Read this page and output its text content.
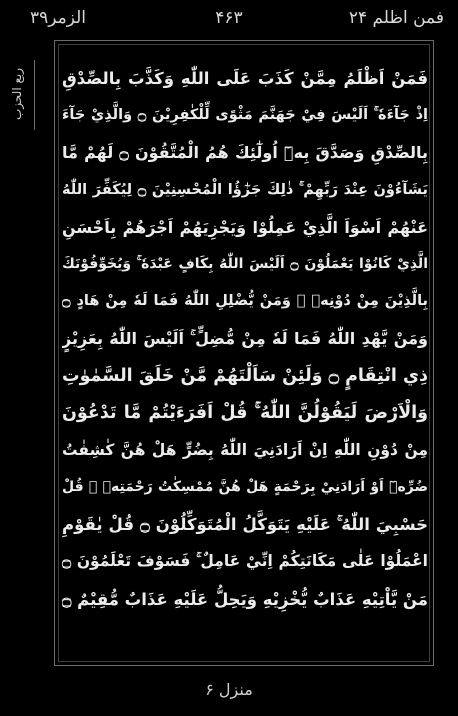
فمن اظلم ۲۴
۴۶۳
الزمر۳۹
ربع الحزب	فَمَنْ اَظْلَمُ مِمَّنْ كَذَبَ عَلَى اللّٰهِ وَكَذَّبَ بِالصِّدْقِ
اِذْ جَآءَهٗ ۚ اَلَيْسَ فِيْ جَهَنَّمَ مَثْوًى لِّلْكٰفِرِيْنَ ۝ وَالَّذِيْ جَآءَ
بِالصِّدْقِ وَصَدَّقَ بِهٖٓ اُولٰٓئِكَ هُمُ الْمُتَّقُوْنَ ۝ لَهُمْ مَّا
يَشَآءُوْنَ عِنْدَ رَبِّهِمْ ۚ ذٰلِكَ جَزٰٓؤُا الْمُحْسِنِيْنَ ۝ لِيُكَفِّرَ اللّٰهُ
عَنْهُمْ اَسْوَاَ الَّذِيْ عَمِلُوْا وَيَجْزِيَهُمْ اَجْرَهُمْ بِاَحْسَنِ
الَّذِيْ كَانُوْا يَعْمَلُوْنَ ۝ اَلَيْسَ اللّٰهُ بِكَافٍ عَبْدَهٗ ۚ وَيُخَوِّفُوْنَكَ
بِالَّذِيْنَ مِنْ دُوْنِهٖ ۚ وَمَنْ يُّضْلِلِ اللّٰهُ فَمَا لَهٗ مِنْ هَادٍ ۝
وَمَنْ يَّهْدِ اللّٰهُ فَمَا لَهٗ مِنْ مُّضِلٍّ ۚ اَلَيْسَ اللّٰهُ بِعَزِيْزٍ
ذِي انْتِقَامٍ ۝ وَلَئِنْ سَاَلْتَهُمْ مَّنْ خَلَقَ السَّمٰوٰتِ
وَالْاَرْضَ لَيَقُوْلُنَّ اللّٰهُ ۚ قُلْ اَفَرَءَيْتُمْ مَّا تَدْعُوْنَ
مِنْ دُوْنِ اللّٰهِ اِنْ اَرَادَنِيَ اللّٰهُ بِضُرٍّ هَلْ هُنَّ كٰشِفٰتُ
ضُرِّهٖٓ اَوْ اَرَادَنِيْ بِرَحْمَةٍ هَلْ هُنَّ مُمْسِكٰتُ رَحْمَتِهٖ ۚ قُلْ
حَسْبِيَ اللّٰهُ ۚ عَلَيْهِ يَتَوَكَّلُ الْمُتَوَكِّلُوْنَ ۝ قُلْ يٰقَوْمِ
اعْمَلُوْا عَلٰى مَكَانَتِكُمْ اِنِّيْ عَامِلٌ ۚ فَسَوْفَ تَعْلَمُوْنَ ۝
مَنْ يَّاْتِيْهِ عَذَابٌ يُّخْزِيْهِ وَيَحِلُّ عَلَيْهِ عَذَابٌ مُّقِيْمٌ ۝
منزل ۶
